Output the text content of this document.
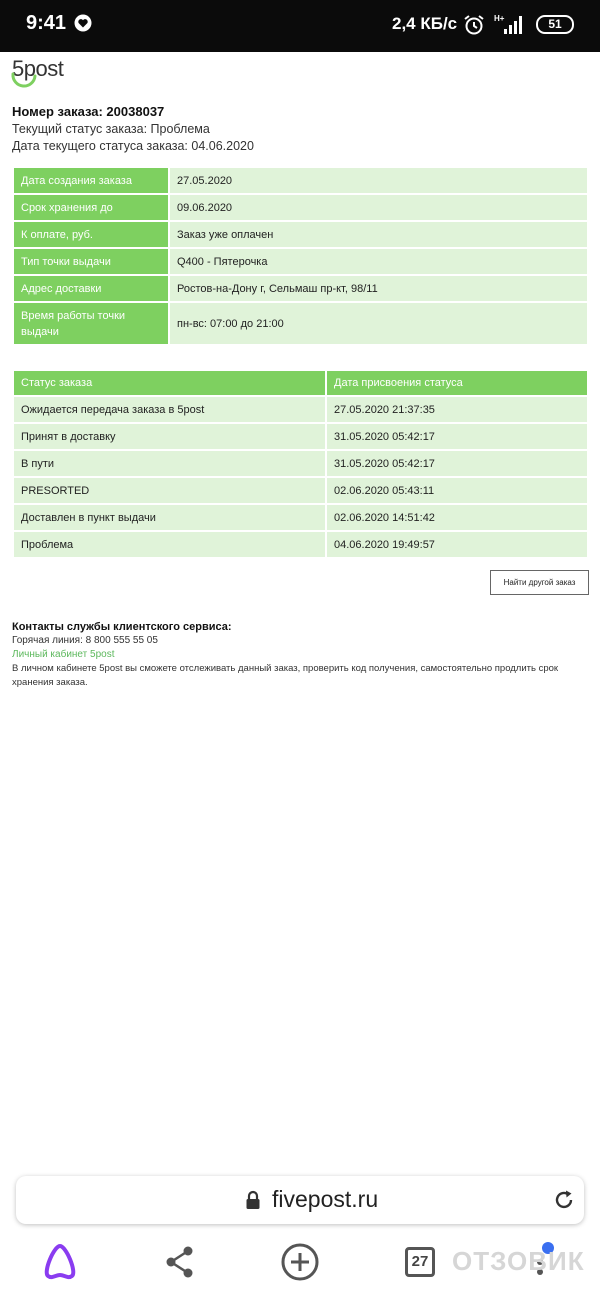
9:41	2,4 КБ/с	H+	51
5post
Номер заказа: 20038037
Текущий статус заказа: Проблема
Дата текущего статуса заказа: 04.06.2020
Дата создания заказа	27.05.2020
Срок хранения до	09.06.2020
К оплате, руб.	Заказ уже оплачен
Тип точки выдачи	Q400 - Пятерочка
Адрес доставки	Ростов-на-Дону г, Сельмаш пр-кт, 98/11
Время работы точки выдачи	пн-вс: 07:00 до 21:00
Статус заказа	Дата присвоения статуса
Ожидается передача заказа в 5post	27.05.2020 21:37:35
Принят в доставку	31.05.2020 05:42:17
В пути	31.05.2020 05:42:17
PRESORTED	02.06.2020 05:43:11
Доставлен в пункт выдачи	02.06.2020 14:51:42
Проблема	04.06.2020 19:49:57
Найти другой заказ
Контакты службы клиентского сервиса:
Горячая линия: 8 800 555 55 05
Личный кабинет 5post
В личном кабинете 5post вы сможете отслеживать данный заказ, проверить код получения, самостоятельно продлить срок хранения заказа.
fivepost.ru
27 ОТЗОВИК
